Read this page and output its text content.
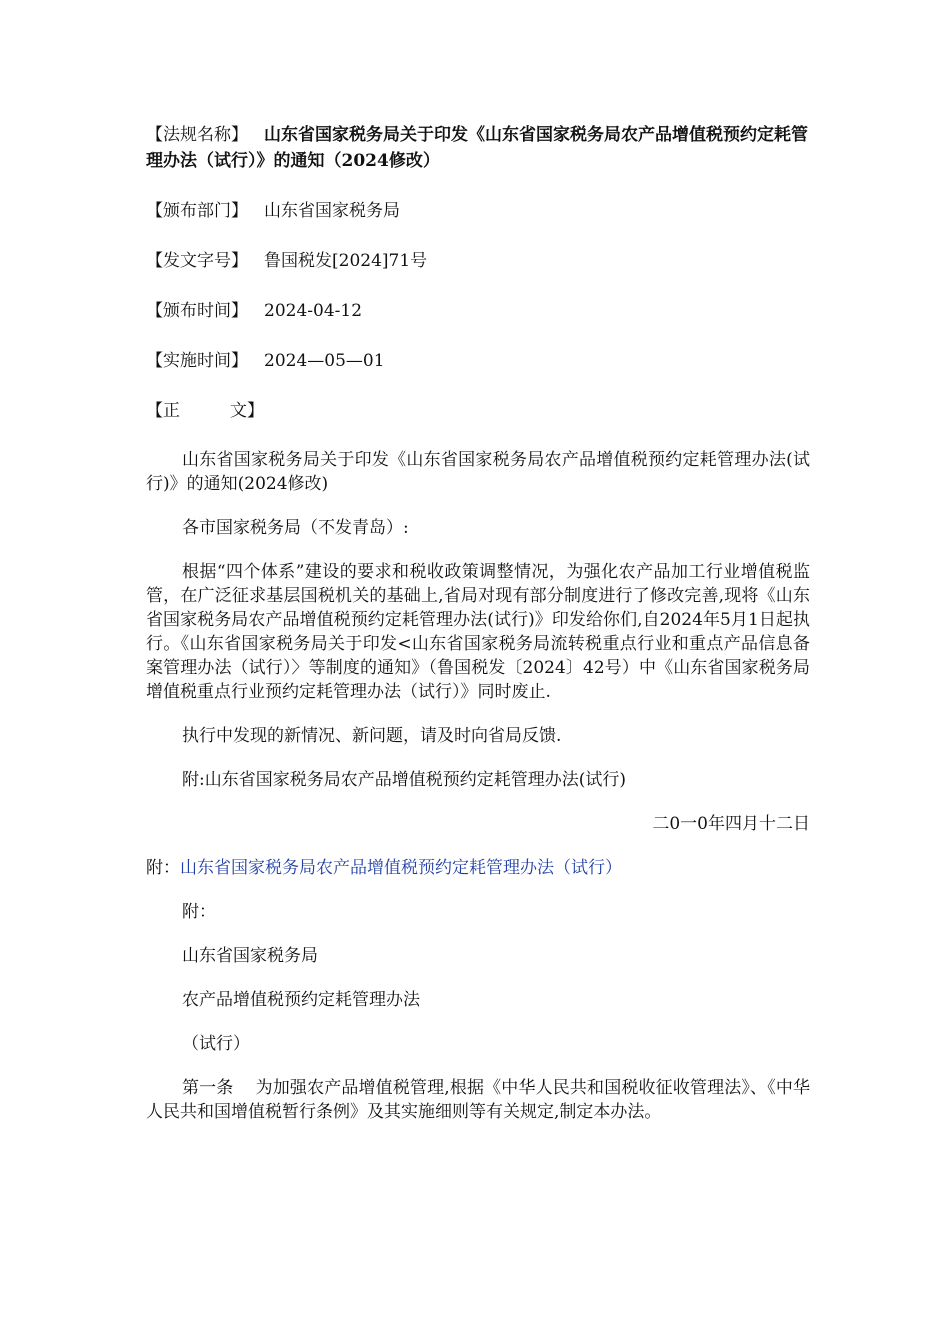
【法规名称】 山东省国家税务局关于印发《山东省国家税务局农产品增值税预约定耗管理办法（试行）》的通知（2024修改）
【颁布部门】 山东省国家税务局
【发文字号】 鲁国税发[2024]71号
【颁布时间】 2024-04-12
【实施时间】 2024—05—01
【正	文】

山东省国家税务局关于印发《山东省国家税务局农产品增值税预约定耗管理办法(试行)》的通知(2024修改)

各市国家税务局（不发青岛）:

根据“四个体系”建设的要求和税收政策调整情况，为强化农产品加工行业增值税监管，在广泛征求基层国税机关的基础上,省局对现有部分制度进行了修改完善,现将《山东省国家税务局农产品增值税预约定耗管理办法(试行)》印发给你们,自2024年5月1日起执行。《山东省国家税务局关于印发<山东省国家税务局流转税重点行业和重点产品信息备案管理办法（试行）〉等制度的通知》（鲁国税发〔2024〕42号）中《山东省国家税务局增值税重点行业预约定耗管理办法（试行）》同时废止.

执行中发现的新情况、新问题，请及时向省局反馈.

附:山东省国家税务局农产品增值税预约定耗管理办法(试行)

二0一0年四月十二日
附：山东省国家税务局农产品增值税预约定耗管理办法（试行）

附：

山东省国家税务局

农产品增值税预约定耗管理办法

（试行）

第一条 为加强农产品增值税管理,根据《中华人民共和国税收征收管理法》、《中华人民共和国增值税暂行条例》及其实施细则等有关规定,制定本办法。
